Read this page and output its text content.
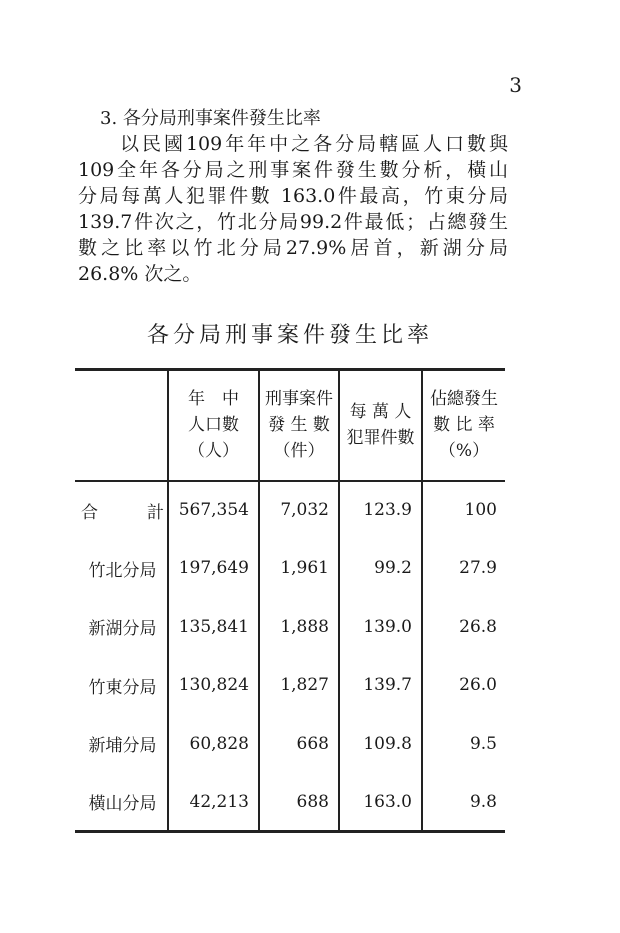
3
3. 各分局刑事案件發生比率

以民國109年年中之各分局轄區人口數與
109全年各分局之刑事案件發生數分析，橫山
分局每萬人犯罪件數 163.0件最高，竹東分局
139.7件次之，竹北分局99.2件最低；占總發生
數之比率以竹北分局27.9%居首，新湖分局
26.8% 次之。

各分局刑事案件發生比率

	年　中
人口數
（人）	刑事案件
發 生 數
（件）	每 萬 人
犯罪件數	佔總發生
數 比 率
（%）

合　　計	567,354	7,032	123.9	100
竹北分局	197,649	1,961	99.2	27.9
新湖分局	135,841	1,888	139.0	26.8
竹東分局	130,824	1,827	139.7	26.0
新埔分局	60,828	668	109.8	9.5
橫山分局	42,213	688	163.0	9.8
